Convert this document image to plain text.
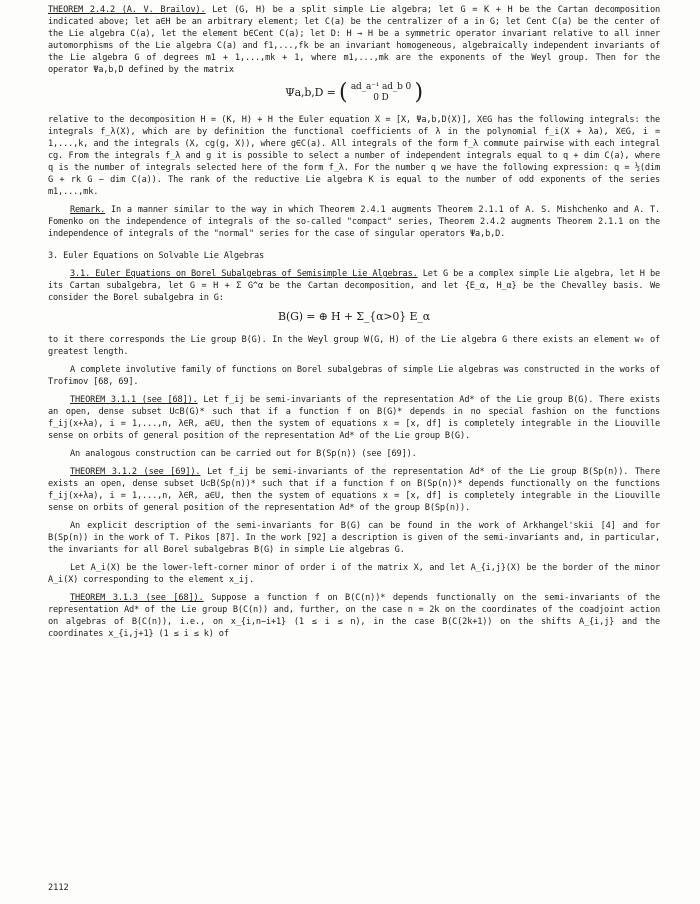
THEOREM 2.4.2 (A. V. Brailov). Let (G, H) be a split simple Lie algebra; let G = K + H be the Cartan decomposition indicated above; let a∈H be an arbitrary element; let C(a) be the centralizer of a in G; let Cent C(a) be the center of the Lie algebra C(a), let the element b∈Cent C(a); let D: H → H be a symmetric operator invariant relative to all inner automorphisms of the Lie algebra C(a) and f1,...,fk be an invariant homogeneous, algebraically independent invariants of the Lie algebra G of degrees m1 + 1,...,mk + 1, where m1,...,mk are the exponents of the Weyl group. Then for the operator Ψa,b,D defined by the matrix

Ψa,b,D = ( ad_a⁻¹ ad_b 0
0 D )

relative to the decomposition H = (K, H) + H the Euler equation X = [X, Ψa,b,D(X)], X∈G has the following integrals: the integrals f_λ(X), which are by definition the functional coefficients of λ in the polynomial f_i(X + λa), X∈G, i = 1,...,k, and the integrals (X, cg(g, X)), where g∈C(a). All integrals of the form f_λ commute pairwise with each integral cg. From the integrals f_λ and g it is possible to select a number of independent integrals equal to q + dim C(a), where q is the number of integrals selected here of the form f_λ. For the number q we have the following expression: q = ½(dim G + rk G − dim C(a)). The rank of the reductive Lie algebra K is equal to the number of odd exponents of the series m1,...,mk.

Remark. In a manner similar to the way in which Theorem 2.4.1 augments Theorem 2.1.1 of A. S. Mishchenko and A. T. Fomenko on the independence of integrals of the so-called "compact" series, Theorem 2.4.2 augments Theorem 2.1.1 on the independence of integrals of the "normal" series for the case of singular operators Ψa,b,D.

3. Euler Equations on Solvable Lie Algebras

3.1. Euler Equations on Borel Subalgebras of Semisimple Lie Algebras. Let G be a complex simple Lie algebra, let H be its Cartan subalgebra, let G = H + Σ G^α be the Cartan decomposition, and let {E_α, H_α} be the Chevalley basis. We consider the Borel subalgebra in G:

B(G) = ⊕ H + Σ_{α>0} E_α

to it there corresponds the Lie group B(G). In the Weyl group W(G, H) of the Lie algebra G there exists an element w₀ of greatest length.

A complete involutive family of functions on Borel subalgebras of simple Lie algebras was constructed in the works of Trofimov [68, 69].

THEOREM 3.1.1 (see [68]). Let f_ij be semi-invariants of the representation Ad* of the Lie group B(G). There exists an open, dense subset U⊂B(G)* such that if a function f on B(G)* depends in no special fashion on the functions f_ij(x+λa), i = 1,...,n, λ∈R, a∈U, then the system of equations x = [x, df] is completely integrable in the Liouville sense on orbits of general position of the representation Ad* of the Lie group B(G).

An analogous construction can be carried out for B(Sp(n)) (see [69]).

THEOREM 3.1.2 (see [69]). Let f_ij be semi-invariants of the representation Ad* of the Lie group B(Sp(n)). There exists an open, dense subset U⊂B(Sp(n))* such that if a function f on B(Sp(n))* depends functionally on the functions f_ij(x+λa), i = 1,...,n, λ∈R, a∈U, then the system of equations x = [x, df] is completely integrable in the Liouville sense on orbits of general position of the representation Ad* of the group B(Sp(n)).

An explicit description of the semi-invariants for B(G) can be found in the work of Arkhangel'skii [4] and for B(Sp(n)) in the work of T. Pikos [87]. In the work [92] a description is given of the semi-invariants and, in particular, the invariants for all Borel subalgebras B(G) in simple Lie algebras G.

Let A_i(X) be the lower-left-corner minor of order i of the matrix X, and let A_{i,j}(X) be the border of the minor A_i(X) corresponding to the element x_ij.

THEOREM 3.1.3 (see [68]). Suppose a function f on B(C(n))* depends functionally on the semi-invariants of the representation Ad* of the Lie group B(C(n)) and, further, on the case n = 2k on the coordinates of the coadjoint action on algebras of B(C(n)), i.e., on x_{i,n−i+1} (1 ≤ i ≤ n), in the case B(C(2k+1)) on the shifts A_{i,j} and the coordinates x_{i,j+1} (1 ≤ i ≤ k) of

2112
